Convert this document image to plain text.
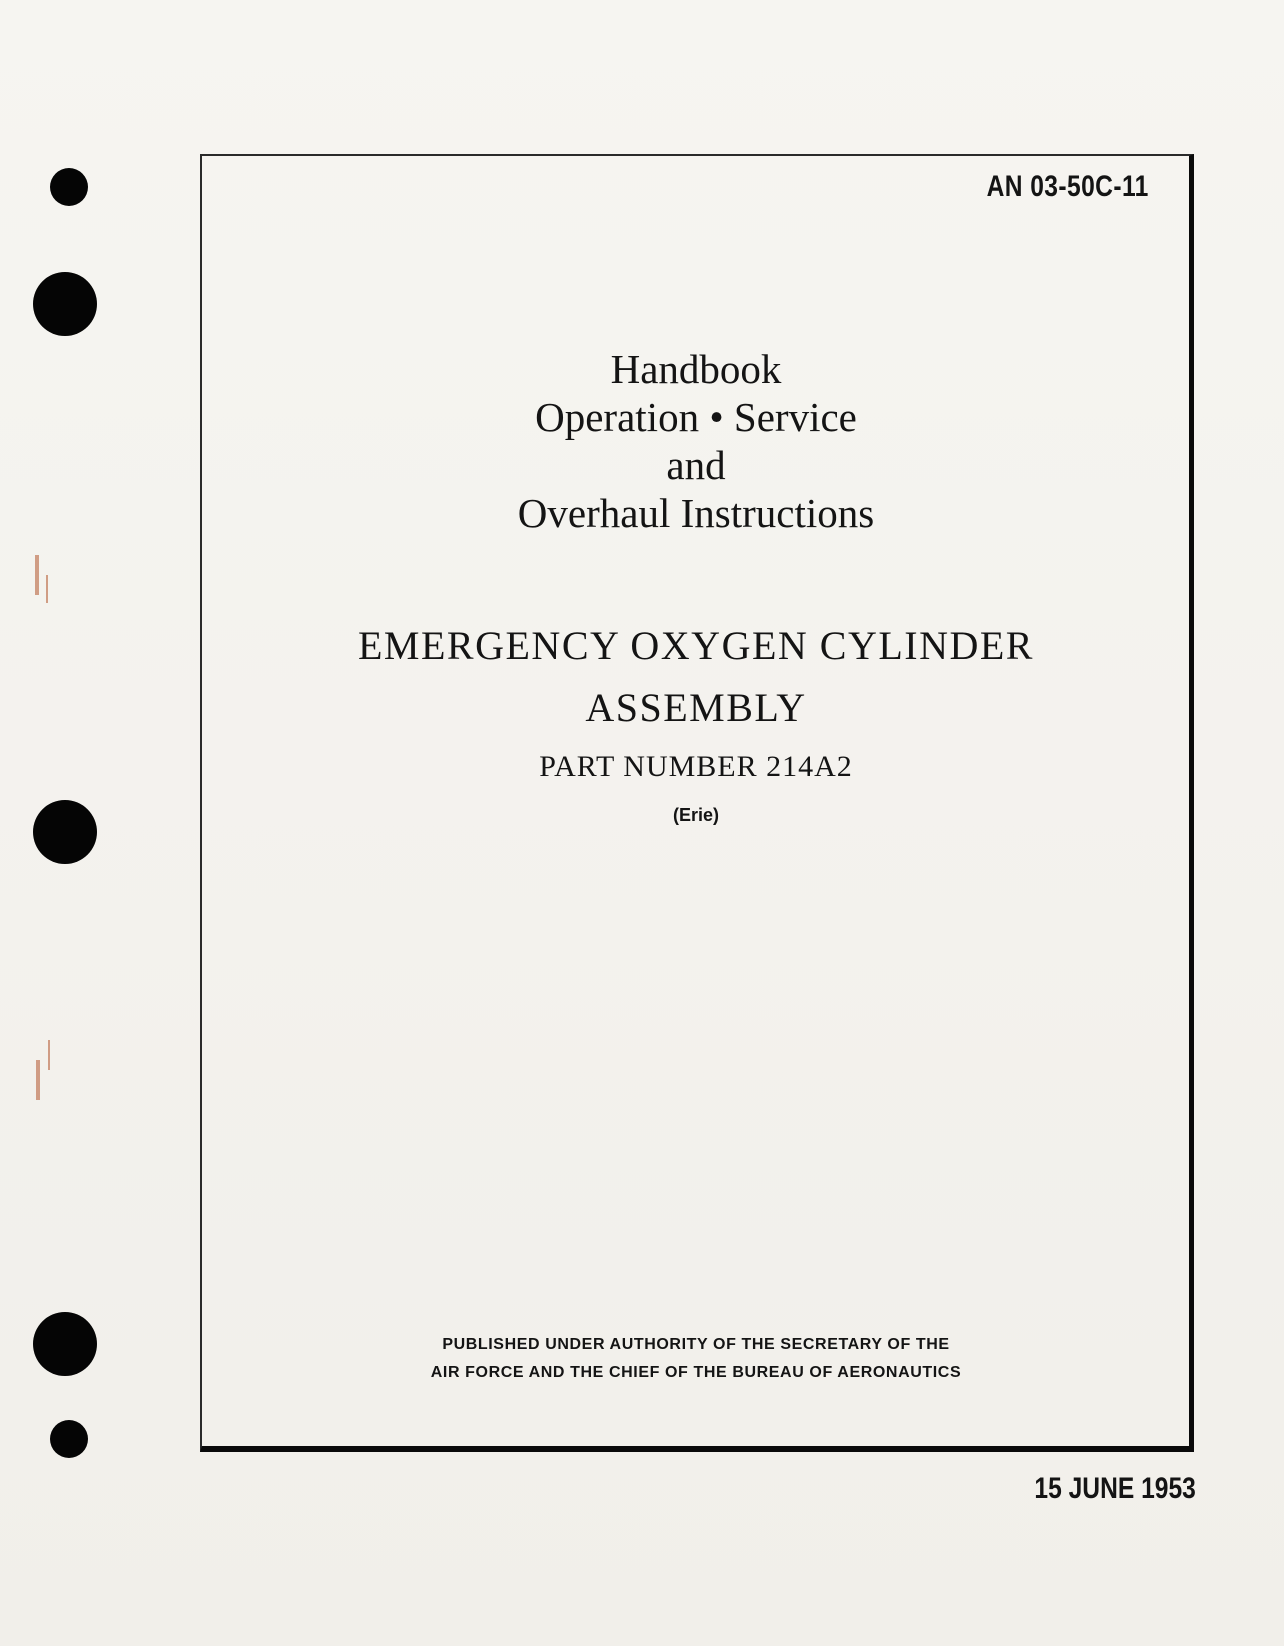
AN 03-50C-11
Handbook
Operation • Service
and
Overhaul Instructions
EMERGENCY OXYGEN CYLINDER
ASSEMBLY
PART NUMBER 214A2
(Erie)
PUBLISHED UNDER AUTHORITY OF THE SECRETARY OF THE
AIR FORCE AND THE CHIEF OF THE BUREAU OF AERONAUTICS
15 JUNE 1953
